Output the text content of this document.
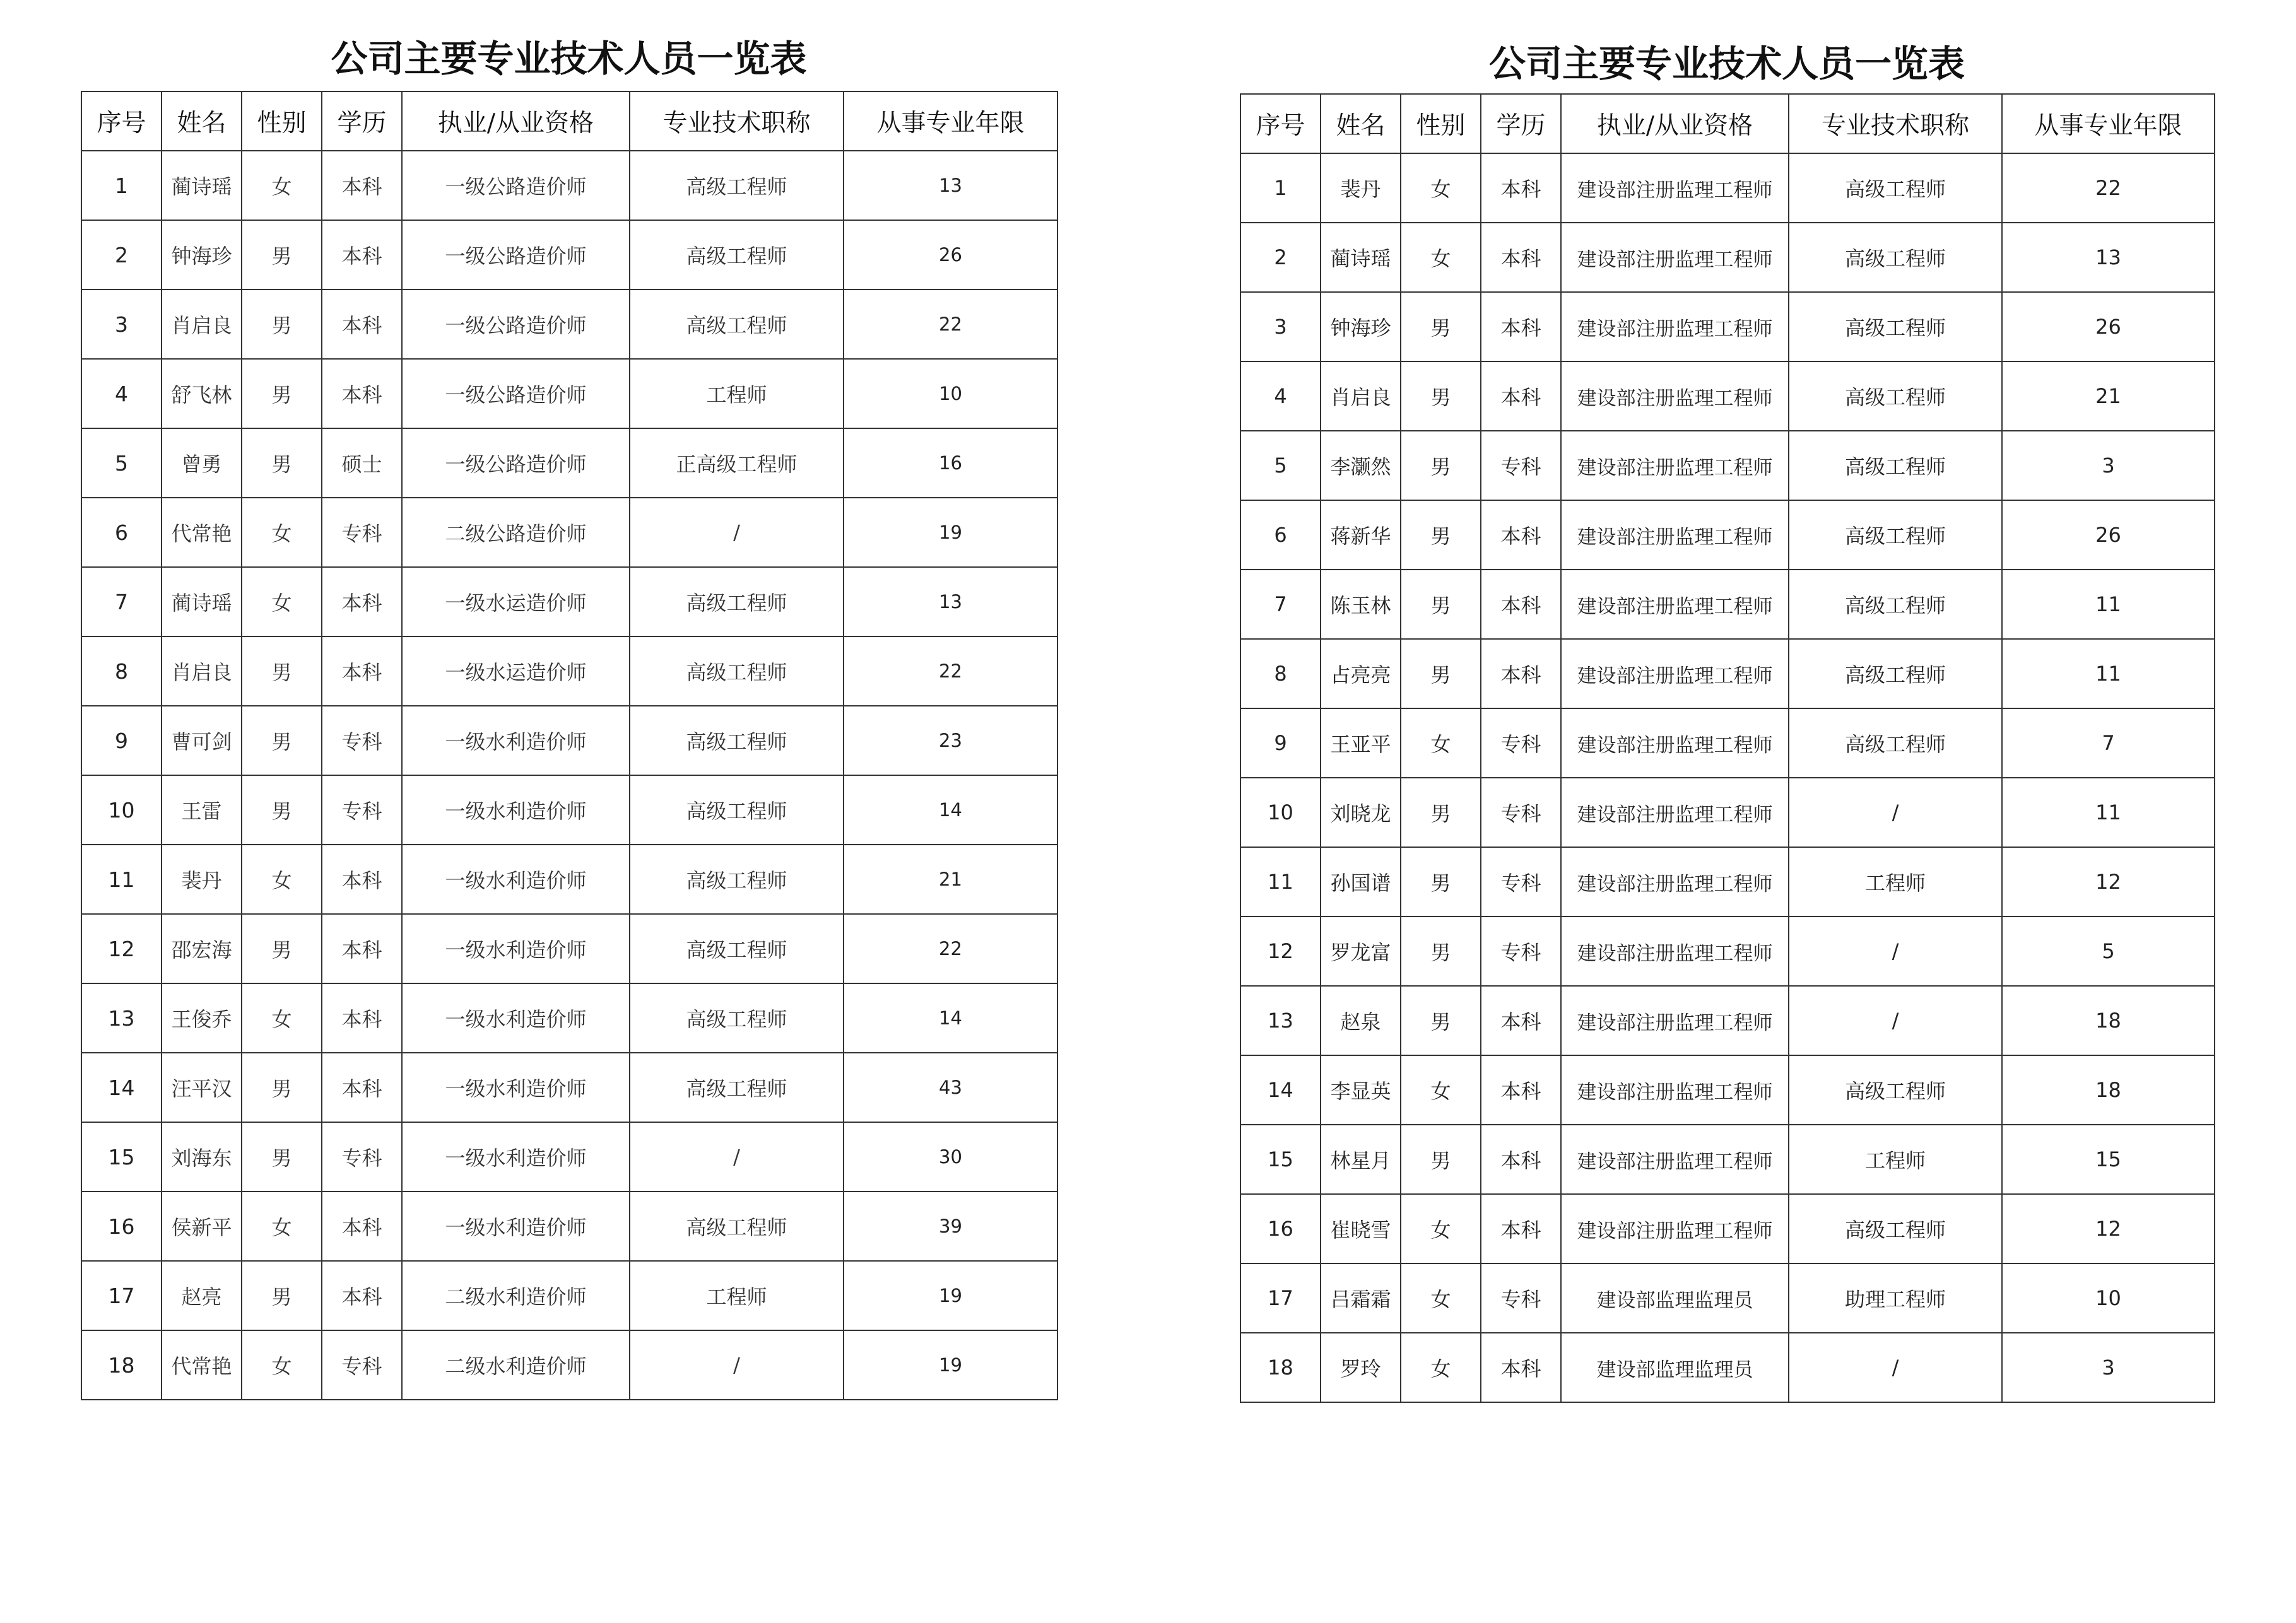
公司主要专业技术人员一览表
序号	姓名	性别	学历	执业/从业资格	专业技术职称	从事专业年限
1	蔺诗瑶	女	本科	一级公路造价师	高级工程师	13
2	钟海珍	男	本科	一级公路造价师	高级工程师	26
3	肖启良	男	本科	一级公路造价师	高级工程师	22
4	舒飞林	男	本科	一级公路造价师	工程师	10
5	曾勇	男	硕士	一级公路造价师	正高级工程师	16
6	代常艳	女	专科	二级公路造价师	/	19
7	蔺诗瑶	女	本科	一级水运造价师	高级工程师	13
8	肖启良	男	本科	一级水运造价师	高级工程师	22
9	曹可剑	男	专科	一级水利造价师	高级工程师	23
10	王雷	男	专科	一级水利造价师	高级工程师	14
11	裴丹	女	本科	一级水利造价师	高级工程师	21
12	邵宏海	男	本科	一级水利造价师	高级工程师	22
13	王俊乔	女	本科	一级水利造价师	高级工程师	14
14	汪平汉	男	本科	一级水利造价师	高级工程师	43
15	刘海东	男	专科	一级水利造价师	/	30
16	侯新平	女	本科	一级水利造价师	高级工程师	39
17	赵亮	男	本科	二级水利造价师	工程师	19
18	代常艳	女	专科	二级水利造价师	/	19
公司主要专业技术人员一览表
序号	姓名	性别	学历	执业/从业资格	专业技术职称	从事专业年限
1	裴丹	女	本科	建设部注册监理工程师	高级工程师	22
2	蔺诗瑶	女	本科	建设部注册监理工程师	高级工程师	13
3	钟海珍	男	本科	建设部注册监理工程师	高级工程师	26
4	肖启良	男	本科	建设部注册监理工程师	高级工程师	21
5	李灏然	男	专科	建设部注册监理工程师	高级工程师	3
6	蒋新华	男	本科	建设部注册监理工程师	高级工程师	26
7	陈玉林	男	本科	建设部注册监理工程师	高级工程师	11
8	占亮亮	男	本科	建设部注册监理工程师	高级工程师	11
9	王亚平	女	专科	建设部注册监理工程师	高级工程师	7
10	刘晓龙	男	专科	建设部注册监理工程师	/	11
11	孙国谱	男	专科	建设部注册监理工程师	工程师	12
12	罗龙富	男	专科	建设部注册监理工程师	/	5
13	赵泉	男	本科	建设部注册监理工程师	/	18
14	李显英	女	本科	建设部注册监理工程师	高级工程师	18
15	林星月	男	本科	建设部注册监理工程师	工程师	15
16	崔晓雪	女	本科	建设部注册监理工程师	高级工程师	12
17	吕霜霜	女	专科	建设部监理监理员	助理工程师	10
18	罗玲	女	本科	建设部监理监理员	/	3
